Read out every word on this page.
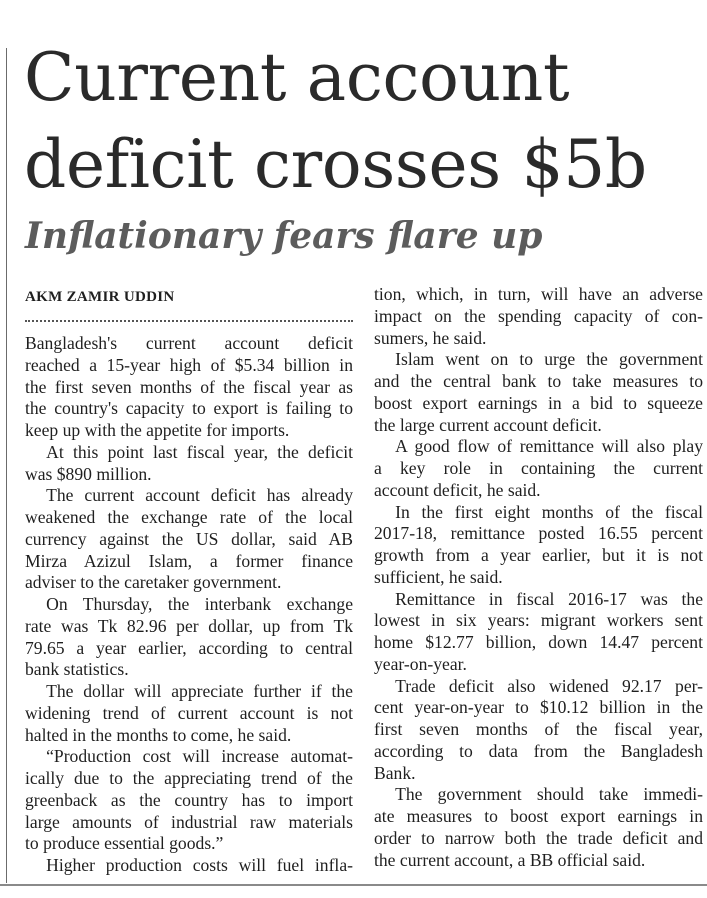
Current account
deficit crosses $5b
Inflationary fears flare up
AKM ZAMIR UDDIN

Bangladesh's current account deficit
reached a 15-year high of $5.34 billion in
the first seven months of the fiscal year as
the country's capacity to export is failing to
keep up with the appetite for imports.

At this point last fiscal year, the deficit
was $890 million.

The current account deficit has already
weakened the exchange rate of the local
currency against the US dollar, said AB
Mirza Azizul Islam, a former finance
adviser to the caretaker government.

On Thursday, the interbank exchange
rate was Tk 82.96 per dollar, up from Tk
79.65 a year earlier, according to central
bank statistics.

The dollar will appreciate further if the
widening trend of current account is not
halted in the months to come, he said.

“Production cost will increase automat-
ically due to the appreciating trend of the
greenback as the country has to import
large amounts of industrial raw materials
to produce essential goods.”

Higher production costs will fuel infla-

tion, which, in turn, will have an adverse
impact on the spending capacity of con-
sumers, he said.

Islam went on to urge the government
and the central bank to take measures to
boost export earnings in a bid to squeeze
the large current account deficit.

A good flow of remittance will also play
a key role in containing the current
account deficit, he said.

In the first eight months of the fiscal
2017-18, remittance posted 16.55 percent
growth from a year earlier, but it is not
sufficient, he said.

Remittance in fiscal 2016-17 was the
lowest in six years: migrant workers sent
home $12.77 billion, down 14.47 percent
year-on-year.

Trade deficit also widened 92.17 per-
cent year-on-year to $10.12 billion in the
first seven months of the fiscal year,
according to data from the Bangladesh
Bank.

The government should take immedi-
ate measures to boost export earnings in
order to narrow both the trade deficit and
the current account, a BB official said.
